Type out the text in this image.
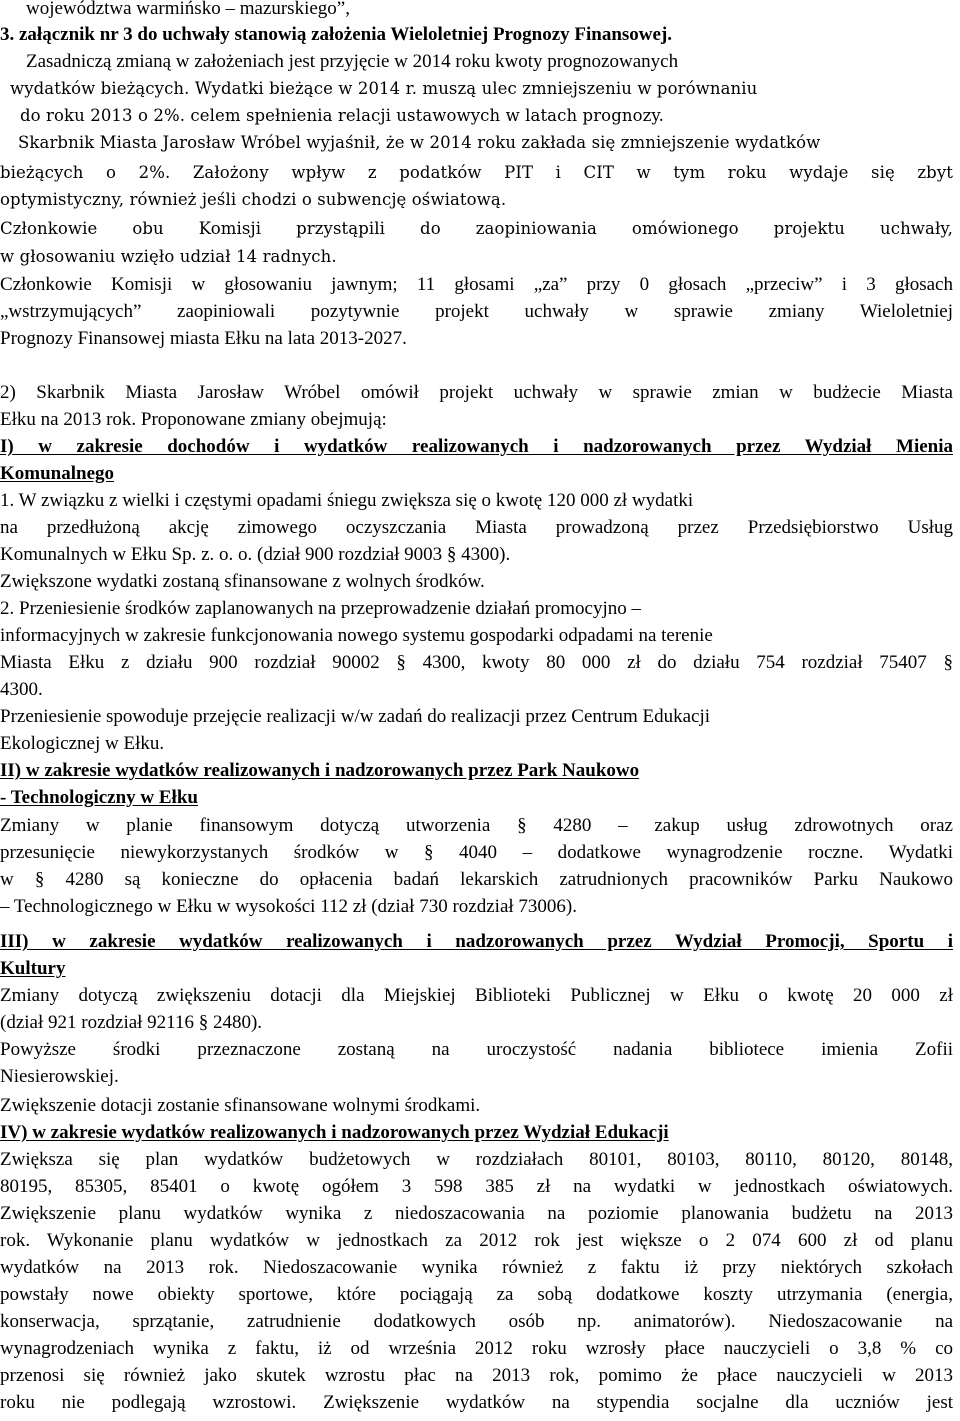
województwa warmińsko – mazurskiego”,

3. załącznik nr 3 do uchwały stanowią założenia Wieloletniej Prognozy Finansowej.

Zasadniczą zmianą w założeniach jest przyjęcie w 2014 roku kwoty prognozowanych

wydatków bieżących. Wydatki bieżące w 2014 r. muszą ulec zmniejszeniu w porównaniu

do roku 2013 o 2%. celem spełnienia relacji ustawowych w latach prognozy.

Skarbnik Miasta Jarosław Wróbel wyjaśnił, że w 2014 roku zakłada się zmniejszenie wydatków

bieżących o 2%. Założony wpływ z podatków PIT i CIT w tym roku wydaje się zbyt

optymistyczny, również jeśli chodzi o subwencję oświatową.

Członkowie obu Komisji przystąpili do zaopiniowania omówionego projektu uchwały,

w głosowaniu wzięło udział 14 radnych.

Członkowie Komisji w głosowaniu jawnym; 11 głosami „za” przy 0 głosach „przeciw” i 3 głosach

„wstrzymujących” zaopiniowali pozytywnie projekt uchwały w sprawie zmiany Wieloletniej

Prognozy Finansowej miasta Ełku na lata 2013-2027.

2) Skarbnik Miasta Jarosław Wróbel omówił projekt uchwały w sprawie zmian w budżecie Miasta

Ełku na 2013 rok. Proponowane zmiany obejmują:

I) w zakresie dochodów i wydatków realizowanych i nadzorowanych przez Wydział Mienia

Komunalnego

1. W związku z wielki i częstymi opadami śniegu zwiększa się o kwotę 120 000 zł wydatki

na przedłużoną akcję zimowego oczyszczania Miasta prowadzoną przez Przedsiębiorstwo Usług

Komunalnych w Ełku Sp. z. o. o. (dział 900 rozdział 9003 § 4300).

Zwiększone wydatki zostaną sfinansowane z wolnych środków.

2. Przeniesienie środków zaplanowanych na przeprowadzenie działań promocyjno –

informacyjnych w zakresie funkcjonowania nowego systemu gospodarki odpadami na terenie

Miasta Ełku z działu 900 rozdział 90002 § 4300, kwoty 80 000 zł do działu 754 rozdział 75407 §

4300.

Przeniesienie spowoduje przejęcie realizacji w/w zadań do realizacji przez Centrum Edukacji

Ekologicznej w Ełku.

II) w zakresie wydatków realizowanych i nadzorowanych przez Park Naukowo

- Technologiczny w Ełku

Zmiany w planie finansowym dotyczą utworzenia § 4280 – zakup usług zdrowotnych oraz

przesunięcie niewykorzystanych środków w § 4040 – dodatkowe wynagrodzenie roczne. Wydatki

w § 4280 są konieczne do opłacenia badań lekarskich zatrudnionych pracowników Parku Naukowo

– Technologicznego w Ełku w wysokości 112 zł (dział 730 rozdział 73006).

III) w zakresie wydatków realizowanych i nadzorowanych przez Wydział Promocji, Sportu i

Kultury

Zmiany dotyczą zwiększeniu dotacji dla Miejskiej Biblioteki Publicznej w Ełku o kwotę 20 000 zł

(dział 921 rozdział 92116 § 2480).

Powyższe środki przeznaczone zostaną na uroczystość nadania bibliotece imienia Zofii

Niesierowskiej.

Zwiększenie dotacji zostanie sfinansowane wolnymi środkami.

IV) w zakresie wydatków realizowanych i nadzorowanych przez Wydział Edukacji

Zwiększa się plan wydatków budżetowych w rozdziałach 80101, 80103, 80110, 80120, 80148,

80195, 85305, 85401 o kwotę ogółem 3 598 385 zł na wydatki w jednostkach oświatowych.

Zwiększenie planu wydatków wynika z niedoszacowania na poziomie planowania budżetu na 2013

rok. Wykonanie planu wydatków w jednostkach za 2012 rok jest większe o 2 074 600 zł od planu

wydatków na 2013 rok. Niedoszacowanie wynika również z faktu iż przy niektórych szkołach

powstały nowe obiekty sportowe, które pociągają za sobą dodatkowe koszty utrzymania (energia,

konserwacja, sprzątanie, zatrudnienie dodatkowych osób np. animatorów). Niedoszacowanie na

wynagrodzeniach wynika z faktu, iż od września 2012 roku wzrosły płace nauczycieli o 3,8 % co

przenosi się również jako skutek wzrostu płac na 2013 rok, pomimo że płace nauczycieli w 2013

roku nie podlegają wzrostowi. Zwiększenie wydatków na stypendia socjalne dla uczniów jest
